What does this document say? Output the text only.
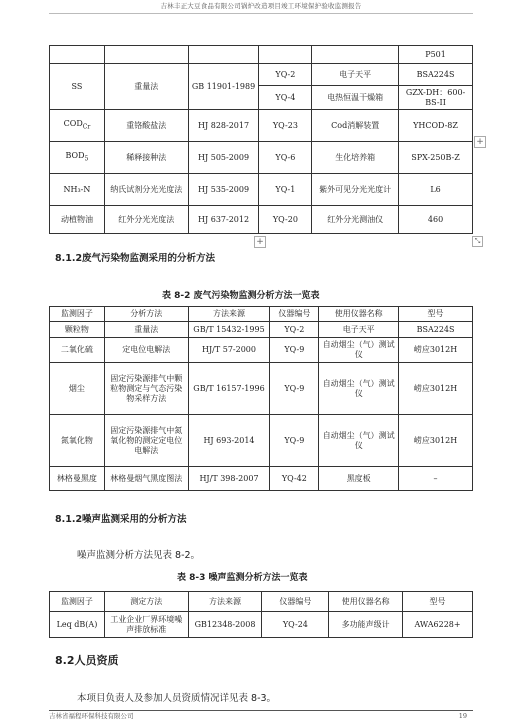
吉林丰正大豆食品有限公司锅炉改造项目竣工环境保护验收监测报告
					P501
SS	重量法	GB 11901-1989	YQ-2	电子天平	BSA224S
			YQ-4	电热恒温干燥箱	GZX-DH：600-BS-II
$COD_{Cr}$	重铬酸盐法	HJ 828-2017	YQ-23	Cod消解装置	YHCOD-8Z
$BOD_5$	稀释接种法	HJ 505-2009	YQ-6	生化培养箱	SPX-250B-Z
NH₃-N	纳氏试剂分光光度法	HJ 535-2009	YQ-1	紫外可见分光光度计	L6
动植物油	红外分光光度法	HJ 637-2012	YQ-20	红外分光测油仪	460
+
+	⤡
8.1.2废气污染物监测采用的分析方法
表 8-2 废气污染物监测分析方法一览表
监测因子	分析方法	方法来源	仪器编号	使用仪器名称	型号
颗粒物	重量法	GB/T 15432-1995	YQ-2	电子天平	BSA224S
二氧化硫	定电位电解法	HJ/T 57-2000	YQ-9	自动烟尘（气）测试仪	崂应3012H
烟尘	固定污染源排气中颗粒物测定与气态污染物采样方法	GB/T 16157-1996	YQ-9	自动烟尘（气）测试仪	崂应3012H
氮氧化物	固定污染源排气中氮氧化物的测定定电位电解法	HJ 693-2014	YQ-9	自动烟尘（气）测试仪	崂应3012H
林格曼黑度	林格曼烟气黑度图法	HJ/T 398-2007	YQ-42	黑度板	–
8.1.2噪声监测采用的分析方法
噪声监测分析方法见表 8-2。
表 8-3 噪声监测分析方法一览表
监测因子	测定方法	方法来源	仪器编号	使用仪器名称	型号
Leq dB(A)	工业企业厂界环境噪声排放标准	GB12348-2008	YQ-24	多功能声级计	AWA6228+
8.2人员资质
本项目负责人及参加人员资质情况详见表 8-3。
吉林省福程环保科技有限公司	19
